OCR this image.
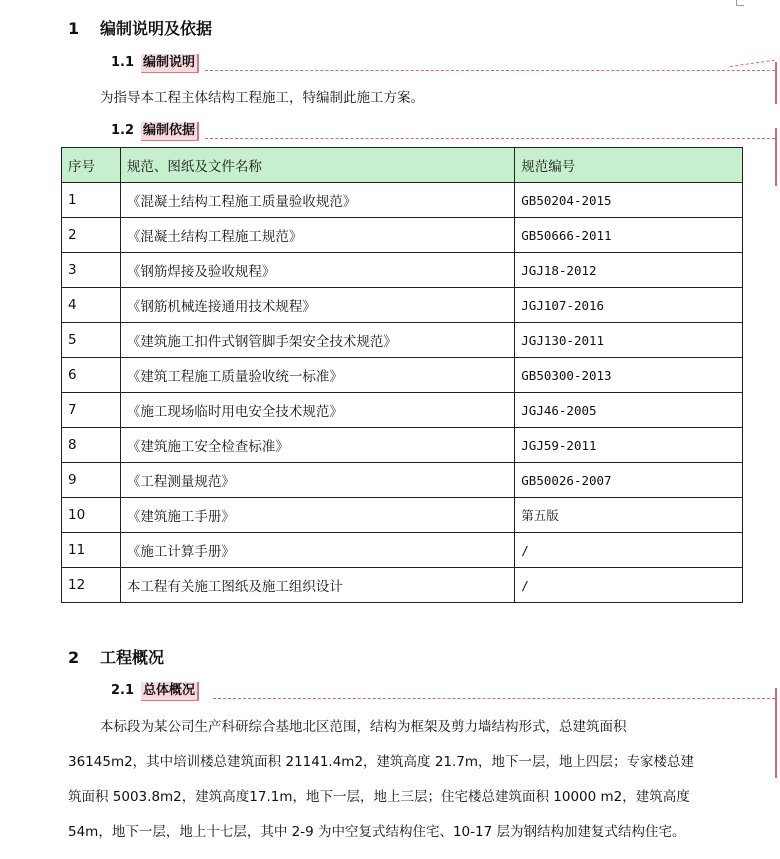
1 编制说明及依据
1.1 编制说明
为指导本工程主体结构工程施工，特编制此施工方案。
1.2 编制依据
序号	规范、图纸及文件名称	规范编号
1	《混凝土结构工程施工质量验收规范》	GB50204-2015
2	《混凝土结构工程施工规范》	GB50666-2011
3	《钢筋焊接及验收规程》	JGJ18-2012
4	《钢筋机械连接通用技术规程》	JGJ107-2016
5	《建筑施工扣件式钢管脚手架安全技术规范》	JGJ130-2011
6	《建筑工程施工质量验收统一标准》	GB50300-2013
7	《施工现场临时用电安全技术规范》	JGJ46-2005
8	《建筑施工安全检查标准》	JGJ59-2011
9	《工程测量规范》	GB50026-2007
10	《建筑施工手册》	第五版
11	《施工计算手册》	/
12	本工程有关施工图纸及施工组织设计	/
2 工程概况
2.1 总体概况
本标段为某公司生产科研综合基地北区范围，结构为框架及剪力墙结构形式，总建筑面积
36145m2，其中培训楼总建筑面积 21141.4m2，建筑高度 21.7m，地下一层，地上四层；专家楼总建
筑面积 5003.8m2，建筑高度17.1m，地下一层，地上三层；住宅楼总建筑面积 10000 m2，建筑高度
54m，地下一层，地上十七层，其中 2-9 为中空复式结构住宅、10-17 层为钢结构加建复式结构住宅。
